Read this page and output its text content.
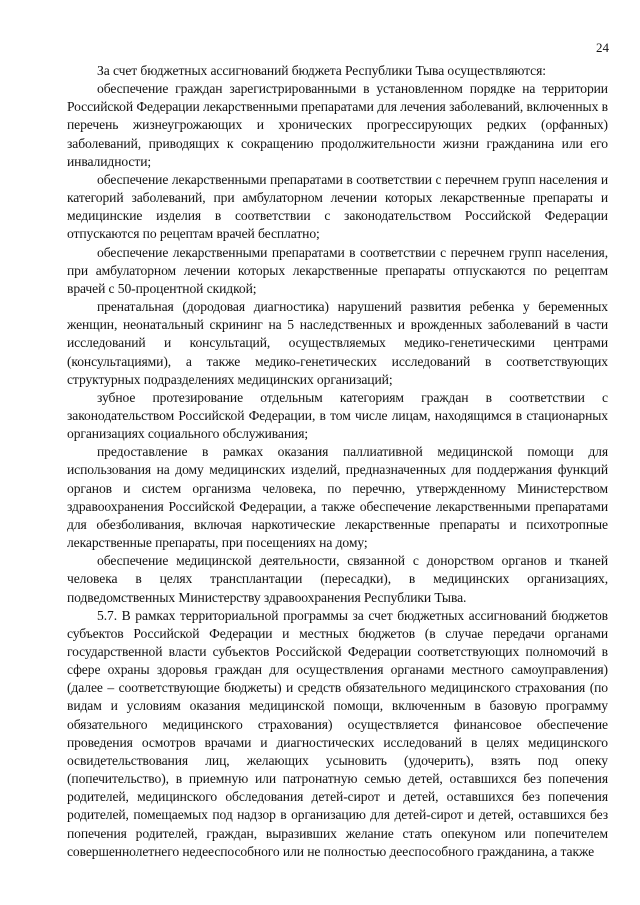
24

За счет бюджетных ассигнований бюджета Республики Тыва осуществляются:

обеспечение граждан зарегистрированными в установленном порядке на территории Российской Федерации лекарственными препаратами для лечения заболеваний, включенных в перечень жизнеугрожающих и хронических прогрессирующих редких (орфанных) заболеваний, приводящих к сокращению продолжительности жизни гражданина или его инвалидности;

обеспечение лекарственными препаратами в соответствии с перечнем групп населения и категорий заболеваний, при амбулаторном лечении которых лекарственные препараты и медицинские изделия в соответствии с законодательством Российской Федерации отпускаются по рецептам врачей бесплатно;

обеспечение лекарственными препаратами в соответствии с перечнем групп населения, при амбулаторном лечении которых лекарственные препараты отпускаются по рецептам врачей с 50-процентной скидкой;

пренатальная (дородовая диагностика) нарушений развития ребенка у беременных женщин, неонатальный скрининг на 5 наследственных и врожденных заболеваний в части исследований и консультаций, осуществляемых медико-генетическими центрами (консультациями), а также медико-генетических исследований в соответствующих структурных подразделениях медицинских организаций;

зубное протезирование отдельным категориям граждан в соответствии с законодательством Российской Федерации, в том числе лицам, находящимся в стационарных организациях социального обслуживания;

предоставление в рамках оказания паллиативной медицинской помощи для использования на дому медицинских изделий, предназначенных для поддержания функций органов и систем организма человека, по перечню, утвержденному Министерством здравоохранения Российской Федерации, а также обеспечение лекарственными препаратами для обезболивания, включая наркотические лекарственные препараты и психотропные лекарственные препараты, при посещениях на дому;

обеспечение медицинской деятельности, связанной с донорством органов и тканей человека в целях трансплантации (пересадки), в медицинских организациях, подведомственных Министерству здравоохранения Республики Тыва.

5.7. В рамках территориальной программы за счет бюджетных ассигнований бюджетов субъектов Российской Федерации и местных бюджетов (в случае передачи органами государственной власти субъектов Российской Федерации соответствующих полномочий в сфере охраны здоровья граждан для осуществления органами местного самоуправления) (далее – соответствующие бюджеты) и средств обязательного медицинского страхования (по видам и условиям оказания медицинской помощи, включенным в базовую программу обязательного медицинского страхования) осуществляется финансовое обеспечение проведения осмотров врачами и диагностических исследований в целях медицинского освидетельствования лиц, желающих усыновить (удочерить), взять под опеку (попечительство), в приемную или патронатную семью детей, оставшихся без попечения родителей, медицинского обследования детей-сирот и детей, оставшихся без попечения родителей, помещаемых под надзор в организацию для детей-сирот и детей, оставшихся без попечения родителей, граждан, выразивших желание стать опекуном или попечителем совершеннолетнего недееспособного или не полностью дееспособного гражданина, а также
